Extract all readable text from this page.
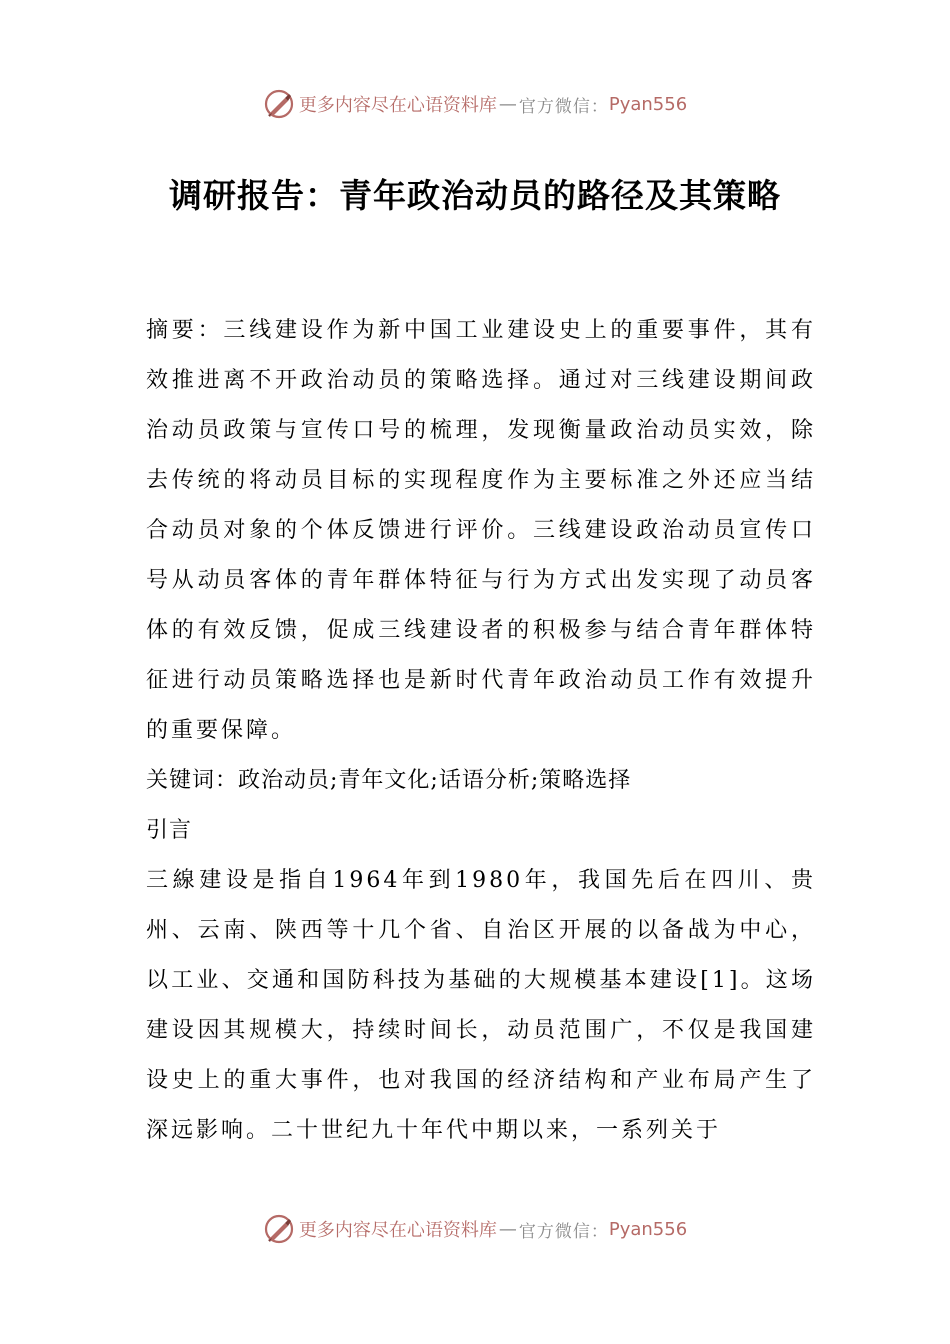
更多内容尽在心语资料库 — 官方微信： Pyan556
调研报告：青年政治动员的路径及其策略

摘要：三线建设作为新中国工业建设史上的重要事件，其有效推进离不开政治动员的策略选择。通过对三线建设期间政治动员政策与宣传口号的梳理，发现衡量政治动员实效，除去传统的将动员目标的实现程度作为主要标准之外还应当结合动员对象的个体反馈进行评价。三线建设政治动员宣传口号从动员客体的青年群体特征与行为方式出发实现了动员客体的有效反馈，促成三线建设者的积极参与结合青年群体特征进行动员策略选择也是新时代青年政治动员工作有效提升的重要保障。

关键词：政治动员;青年文化;话语分析;策略选择

引言

三線建设是指自1964年到1980年，我国先后在四川、贵州、云南、陕西等十几个省、自治区开展的以备战为中心，以工业、交通和国防科技为基础的大规模基本建设[1]。这场建设因其规模大，持续时间长，动员范围广，不仅是我国建设史上的重大事件，也对我国的经济结构和产业布局产生了深远影响。二十世纪九十年代中期以来，一系列关于

更多内容尽在心语资料库 — 官方微信： Pyan556
